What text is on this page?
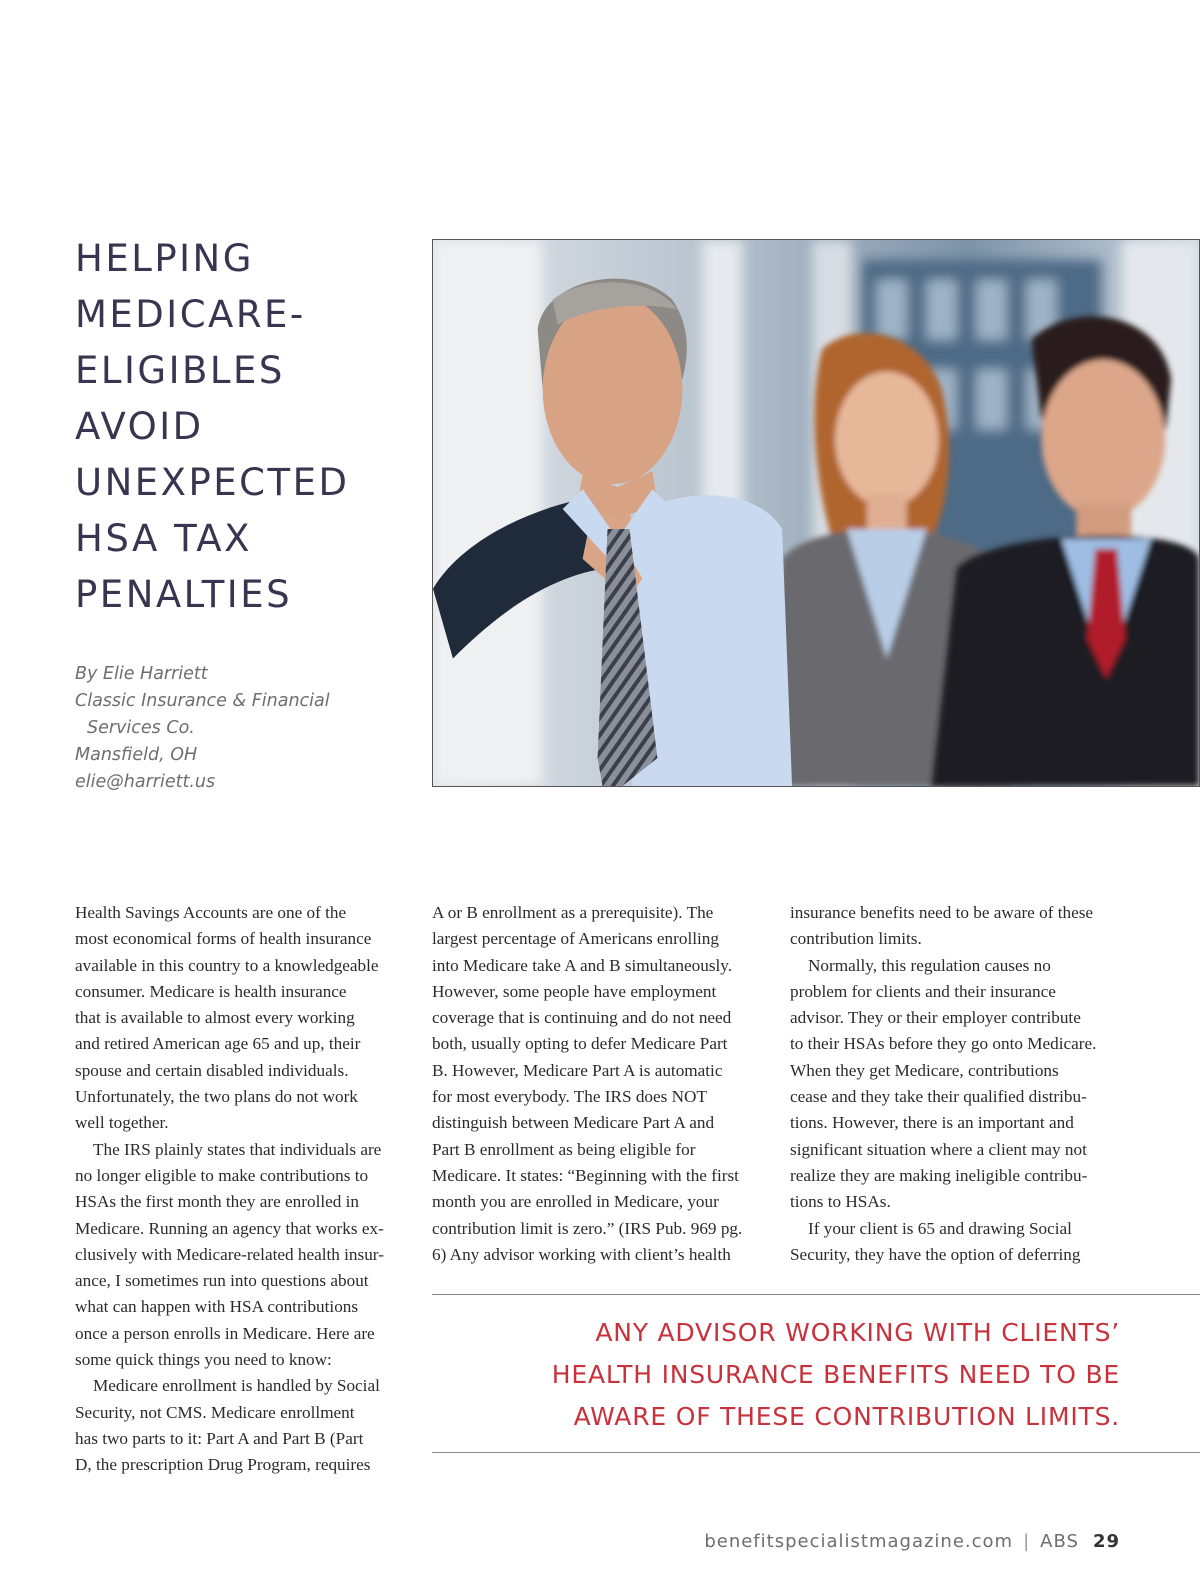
HELPING
MEDICARE-
ELIGIBLES
AVOID
UNEXPECTED
HSA TAX
PENALTIES
By Elie Harriett
Classic Insurance & Financial
Services Co.
Mansfield, OH
elie@harriett.us

Health Savings Accounts are one of the
most economical forms of health insurance
available in this country to a knowledgeable
consumer. Medicare is health insurance
that is available to almost every working
and retired American age 65 and up, their
spouse and certain disabled individuals.
Unfortunately, the two plans do not work
well together.

The IRS plainly states that individuals are
no longer eligible to make contributions to
HSAs the first month they are enrolled in
Medicare. Running an agency that works ex-
clusively with Medicare-related health insur-
ance, I sometimes run into questions about
what can happen with HSA contributions
once a person enrolls in Medicare. Here are
some quick things you need to know:

Medicare enrollment is handled by Social
Security, not CMS. Medicare enrollment
has two parts to it: Part A and Part B (Part
D, the prescription Drug Program, requires

A or B enrollment as a prerequisite). The
largest percentage of Americans enrolling
into Medicare take A and B simultaneously.
However, some people have employment
coverage that is continuing and do not need
both, usually opting to defer Medicare Part
B. However, Medicare Part A is automatic
for most everybody. The IRS does NOT
distinguish between Medicare Part A and
Part B enrollment as being eligible for
Medicare. It states: “Beginning with the first
month you are enrolled in Medicare, your
contribution limit is zero.” (IRS Pub. 969 pg.
6) Any advisor working with client’s health

insurance benefits need to be aware of these
contribution limits.

Normally, this regulation causes no
problem for clients and their insurance
advisor. They or their employer contribute
to their HSAs before they go onto Medicare.
When they get Medicare, contributions
cease and they take their qualified distribu-
tions. However, there is an important and
significant situation where a client may not
realize they are making ineligible contribu-
tions to HSAs.

If your client is 65 and drawing Social
Security, they have the option of deferring

ANY ADVISOR WORKING WITH CLIENTS’
HEALTH INSURANCE BENEFITS NEED TO BE
AWARE OF THESE CONTRIBUTION LIMITS.
benefitspecialistmagazine.com | ABS 29
